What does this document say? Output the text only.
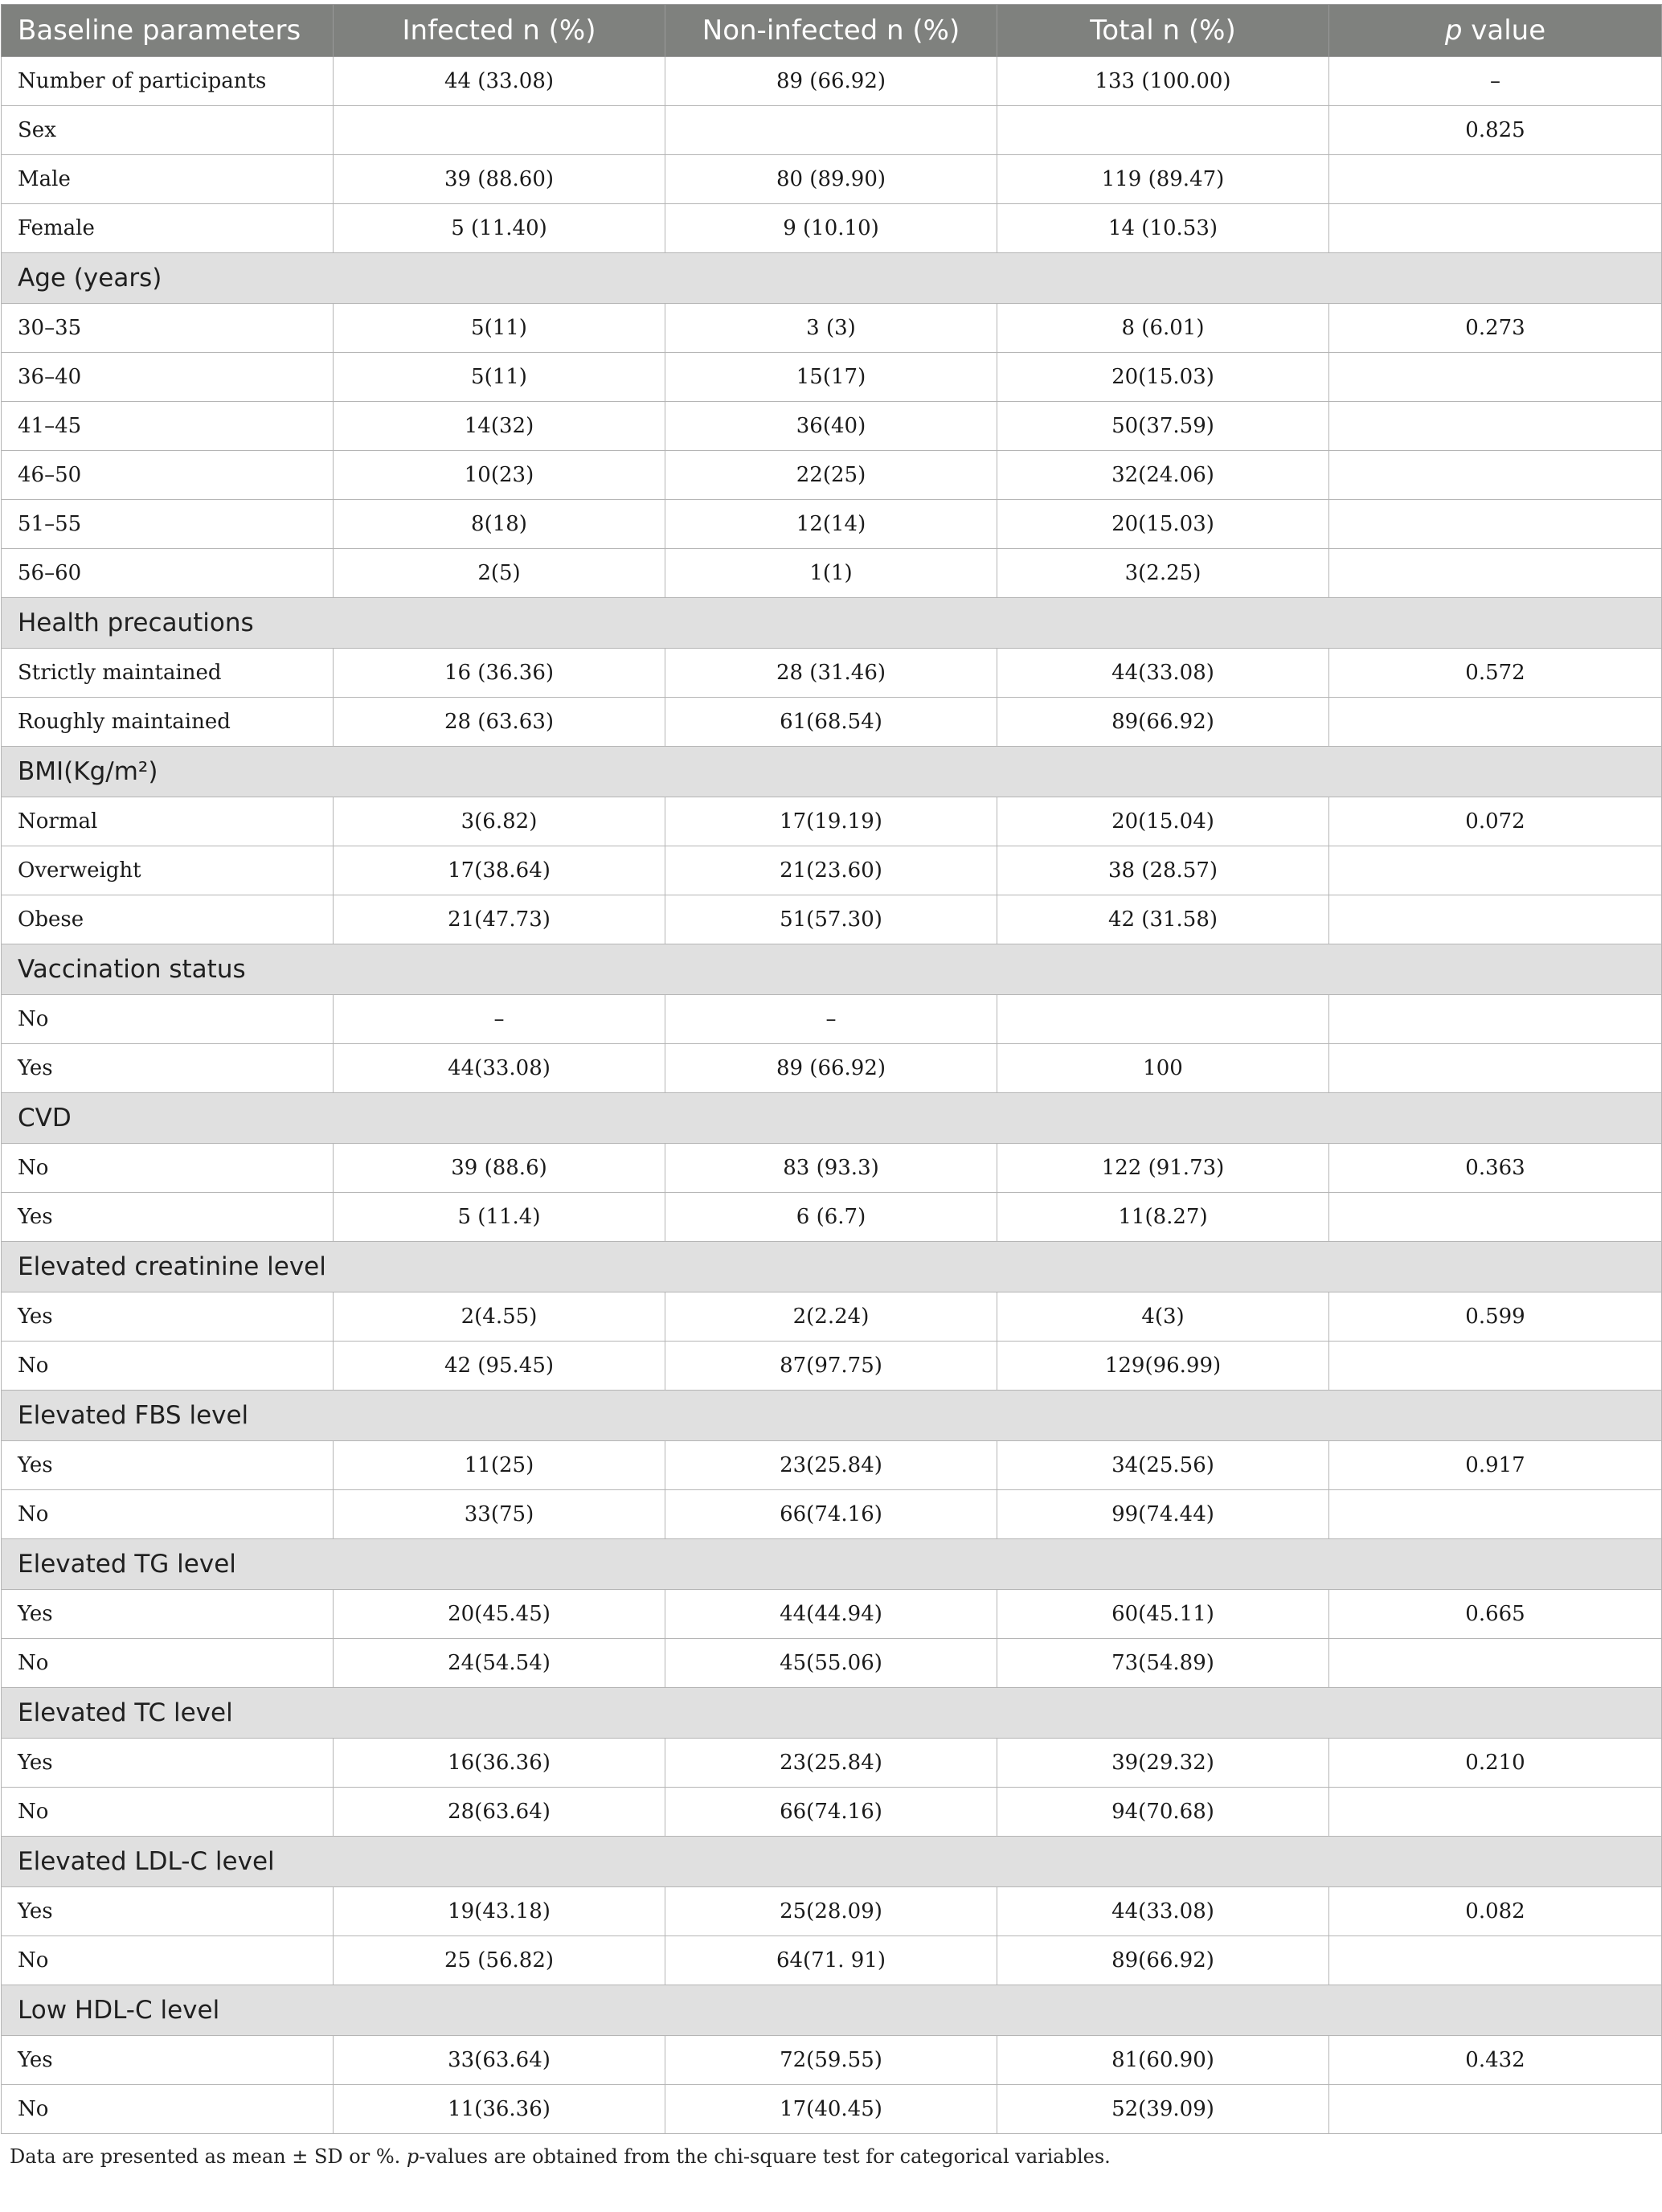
Baseline parameters	Infected n (%)	Non-infected n (%)	Total n (%)	p value
Number of participants	44 (33.08)	89 (66.92)	133 (100.00)	–
Sex				0.825
Male	39 (88.60)	80 (89.90)	119 (89.47)	
Female	5 (11.40)	9 (10.10)	14 (10.53)	
Age (years)				
30–35	5(11)	3 (3)	8 (6.01)	0.273
36–40	5(11)	15(17)	20(15.03)	
41–45	14(32)	36(40)	50(37.59)	
46–50	10(23)	22(25)	32(24.06)	
51–55	8(18)	12(14)	20(15.03)	
56–60	2(5)	1(1)	3(2.25)	
Health precautions				
Strictly maintained	16 (36.36)	28 (31.46)	44(33.08)	0.572
Roughly maintained	28 (63.63)	61(68.54)	89(66.92)	
BMI(Kg/m²)				
Normal	3(6.82)	17(19.19)	20(15.04)	0.072
Overweight	17(38.64)	21(23.60)	38 (28.57)	
Obese	21(47.73)	51(57.30)	42 (31.58)	
Vaccination status				
No	–	–		
Yes	44(33.08)	89 (66.92)	100	
CVD				
No	39 (88.6)	83 (93.3)	122 (91.73)	0.363
Yes	5 (11.4)	6 (6.7)	11(8.27)	
Elevated creatinine level				
Yes	2(4.55)	2(2.24)	4(3)	0.599
No	42 (95.45)	87(97.75)	129(96.99)	
Elevated FBS level				
Yes	11(25)	23(25.84)	34(25.56)	0.917
No	33(75)	66(74.16)	99(74.44)	
Elevated TG level				
Yes	20(45.45)	44(44.94)	60(45.11)	0.665
No	24(54.54)	45(55.06)	73(54.89)	
Elevated TC level				
Yes	16(36.36)	23(25.84)	39(29.32)	0.210
No	28(63.64)	66(74.16)	94(70.68)	
Elevated LDL-C level				
Yes	19(43.18)	25(28.09)	44(33.08)	0.082
No	25 (56.82)	64(71. 91)	89(66.92)	
Low HDL-C level				
Yes	33(63.64)	72(59.55)	81(60.90)	0.432
No	11(36.36)	17(40.45)	52(39.09)	
Data are presented as mean ± SD or %. p-values are obtained from the chi-square test for categorical variables.
